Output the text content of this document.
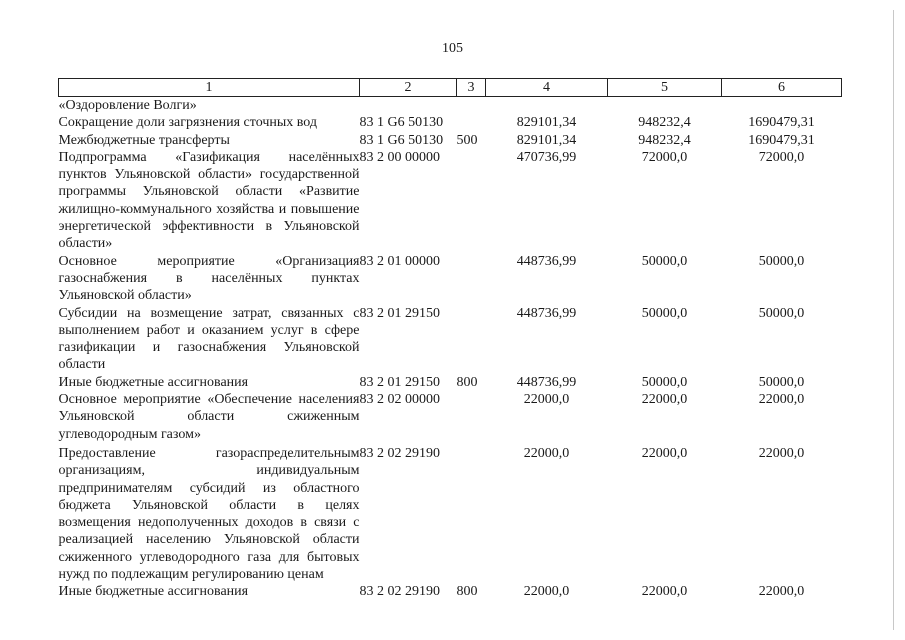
105
1	2	3	4	5	6
«Оздоровление Волги»					
Сокращение доли загрязнения сточных вод	83 1 G6 50130		829101,34	948232,4	1690479,31
Межбюджетные трансферты	83 1 G6 50130	500	829101,34	948232,4	1690479,31
Подпрограмма «Газификация населённых пунктов Ульяновской области» государственной программы Ульяновской области «Развитие жилищно-коммунального хозяйства и повышение энергетической эффективности в Ульяновской области»	83 2 00 00000		470736,99	72000,0	72000,0
Основное мероприятие «Организация газоснабжения в населённых пунктах Ульяновской области»	83 2 01 00000		448736,99	50000,0	50000,0
Субсидии на возмещение затрат, связанных с выполнением работ и оказанием услуг в сфере газификации и газоснабжения Ульяновской области	83 2 01 29150		448736,99	50000,0	50000,0
Иные бюджетные ассигнования	83 2 01 29150	800	448736,99	50000,0	50000,0
Основное мероприятие «Обеспечение населения Ульяновской области сжиженным углеводородным газом»	83 2 02 00000		22000,0	22000,0	22000,0
Предоставление газораспределительным организациям, индивидуальным предпринимателям субсидий из областного бюджета Ульяновской области в целях возмещения недополученных доходов в связи с реализацией населению Ульяновской области сжиженного углеводородного газа для бытовых нужд по подлежащим регулированию ценам	83 2 02 29190		22000,0	22000,0	22000,0
Иные бюджетные ассигнования	83 2 02 29190	800	22000,0	22000,0	22000,0
